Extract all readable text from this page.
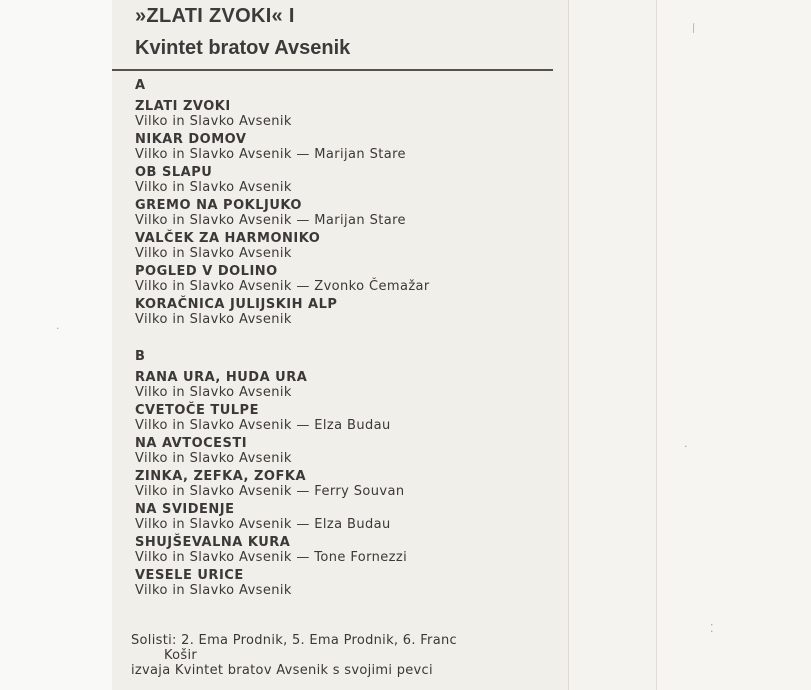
⁄
·
⁚
·
»ZLATI ZVOKI« I
Kvintet bratov Avsenik
A
ZLATI ZVOKI
Vilko in Slavko Avsenik
NIKAR DOMOV
Vilko in Slavko Avsenik — Marijan Stare
OB SLAPU
Vilko in Slavko Avsenik
GREMO NA POKLJUKO
Vilko in Slavko Avsenik — Marijan Stare
VALČEK ZA HARMONIKO
Vilko in Slavko Avsenik
POGLED V DOLINO
Vilko in Slavko Avsenik — Zvonko Čemažar
KORAČNICA JULIJSKIH ALP
Vilko in Slavko Avsenik
B
RANA URA, HUDA URA
Vilko in Slavko Avsenik
CVETOČE TULPE
Vilko in Slavko Avsenik — Elza Budau
NA AVTOCESTI
Vilko in Slavko Avsenik
ZINKA, ZEFKA, ZOFKA
Vilko in Slavko Avsenik — Ferry Souvan
NA SVIDENJE
Vilko in Slavko Avsenik — Elza Budau
SHUJŠEVALNA KURA
Vilko in Slavko Avsenik — Tone Fornezzi
VESELE URICE
Vilko in Slavko Avsenik
Solisti: 2. Ema Prodnik, 5. Ema Prodnik, 6. Franc
Košir
izvaja Kvintet bratov Avsenik s svojimi pevci
